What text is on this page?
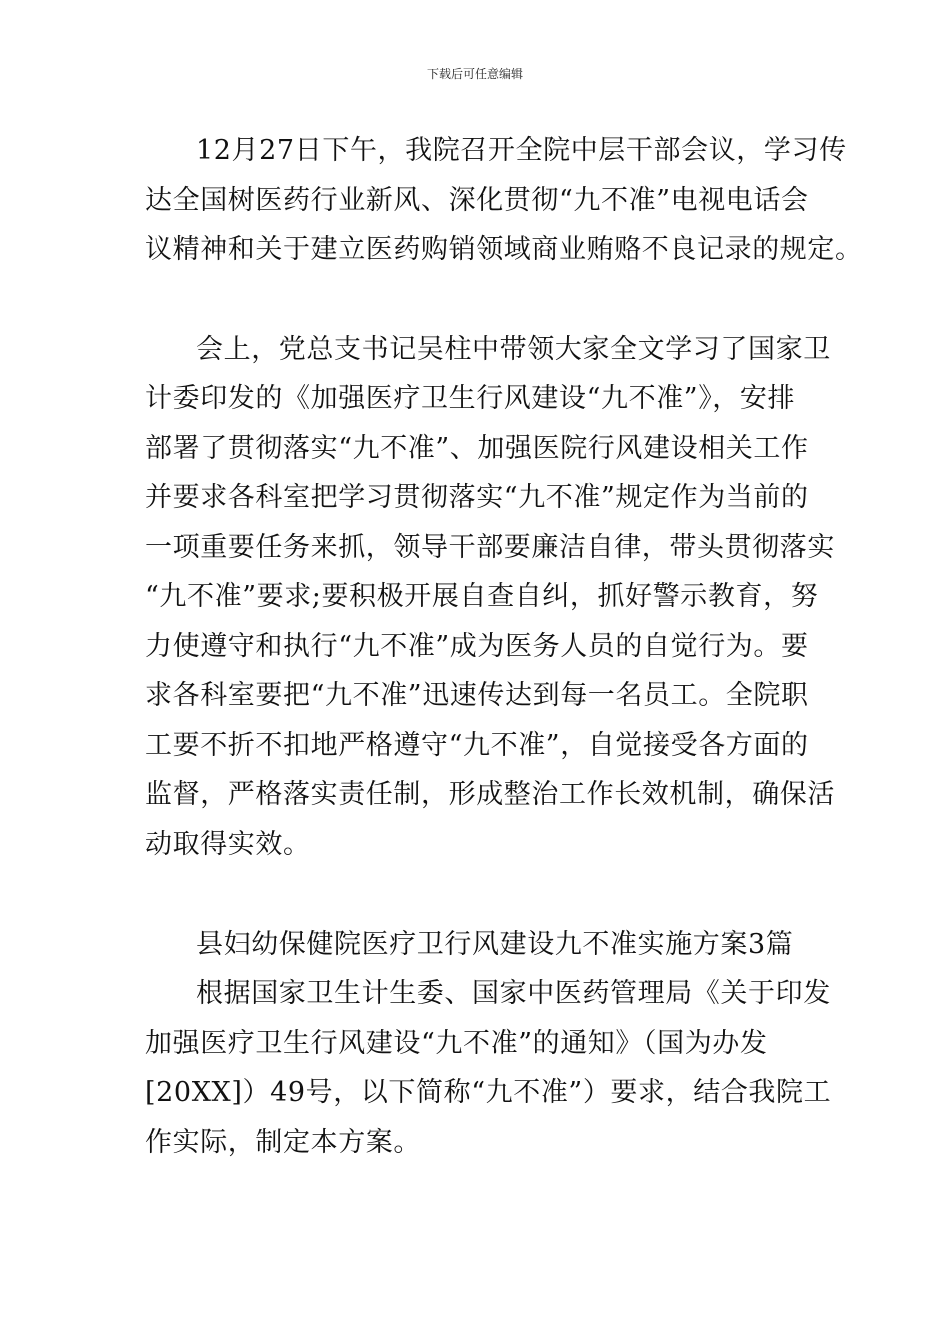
下载后可任意编辑
12月27日下午，我院召开全院中层干部会议，学习传
达全国树医药行业新风、深化贯彻“九不准”电视电话会
议精神和关于建立医药购销领域商业贿赂不良记录的规定。
会上，党总支书记吴柱中带领大家全文学习了国家卫
计委印发的《加强医疗卫生行风建设“九不准”》，安排
部署了贯彻落实“九不准”、加强医院行风建设相关工作
并要求各科室把学习贯彻落实“九不准”规定作为当前的
一项重要任务来抓，领导干部要廉洁自律，带头贯彻落实
“九不准”要求;要积极开展自查自纠，抓好警示教育，努
力使遵守和执行“九不准”成为医务人员的自觉行为。要
求各科室要把“九不准”迅速传达到每一名员工。全院职
工要不折不扣地严格遵守“九不准”，自觉接受各方面的
监督，严格落实责任制，形成整治工作长效机制，确保活
动取得实效。
县妇幼保健院医疗卫行风建设九不准实施方案3篇
根据国家卫生计生委、国家中医药管理局《关于印发
加强医疗卫生行风建设“九不准”的通知》（国为办发
[20XX]）49号，以下简称“九不准”）要求，结合我院工
作实际，制定本方案。
